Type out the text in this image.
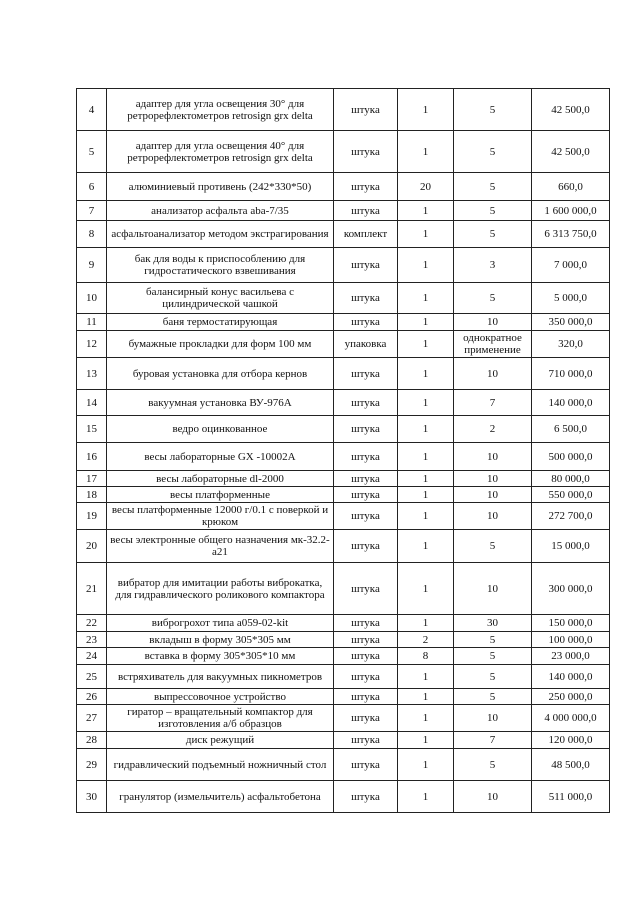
4	адаптер для угла освещения 30° для ретрорефлектометров retrosign grx delta	штука	1	5	42 500,0
5	адаптер для угла освещения 40° для ретрорефлектометров retrosign grx delta	штука	1	5	42 500,0
6	алюминиевый противень (242*330*50)	штука	20	5	660,0
7	анализатор асфальта aba-7/35	штука	1	5	1 600 000,0
8	асфальтоанализатор методом экстрагирования	комплект	1	5	6 313 750,0
9	бак для воды к приспособлению для гидростатического взвешивания	штука	1	3	7 000,0
10	балансирный конус васильева с цилиндрической чашкой	штука	1	5	5 000,0
11	баня термостатирующая	штука	1	10	350 000,0
12	бумажные прокладки для форм 100 мм	упаковка	1	однократное применение	320,0
13	буровая установка для отбора кернов	штука	1	10	710 000,0
14	вакуумная установка ВУ-976А	штука	1	7	140 000,0
15	ведро оцинкованное	штука	1	2	6 500,0
16	весы лабораторные GX -10002А	штука	1	10	500 000,0
17	весы лабораторные dl-2000	штука	1	10	80 000,0
18	весы платформенные	штука	1	10	550 000,0
19	весы платформенные 12000 г/0.1 с поверкой и крюком	штука	1	10	272 700,0
20	весы электронные общего назначения мк-32.2-а21	штука	1	5	15 000,0
21	вибратор для имитации работы виброкатка, для гидравлического роликового компактора	штука	1	10	300 000,0
22	виброгрохот типа а059-02-kit	штука	1	30	150 000,0
23	вкладыш в форму 305*305 мм	штука	2	5	100 000,0
24	вставка в форму 305*305*10 мм	штука	8	5	23 000,0
25	встряхиватель для вакуумных пикнометров	штука	1	5	140 000,0
26	выпрессовочное устройство	штука	1	5	250 000,0
27	гиратор – вращательный компактор для изготовления а/б образцов	штука	1	10	4 000 000,0
28	диск режущий	штука	1	7	120 000,0
29	гидравлический подъемный ножничный стол	штука	1	5	48 500,0
30	гранулятор (измельчитель) асфальтобетона	штука	1	10	511 000,0
